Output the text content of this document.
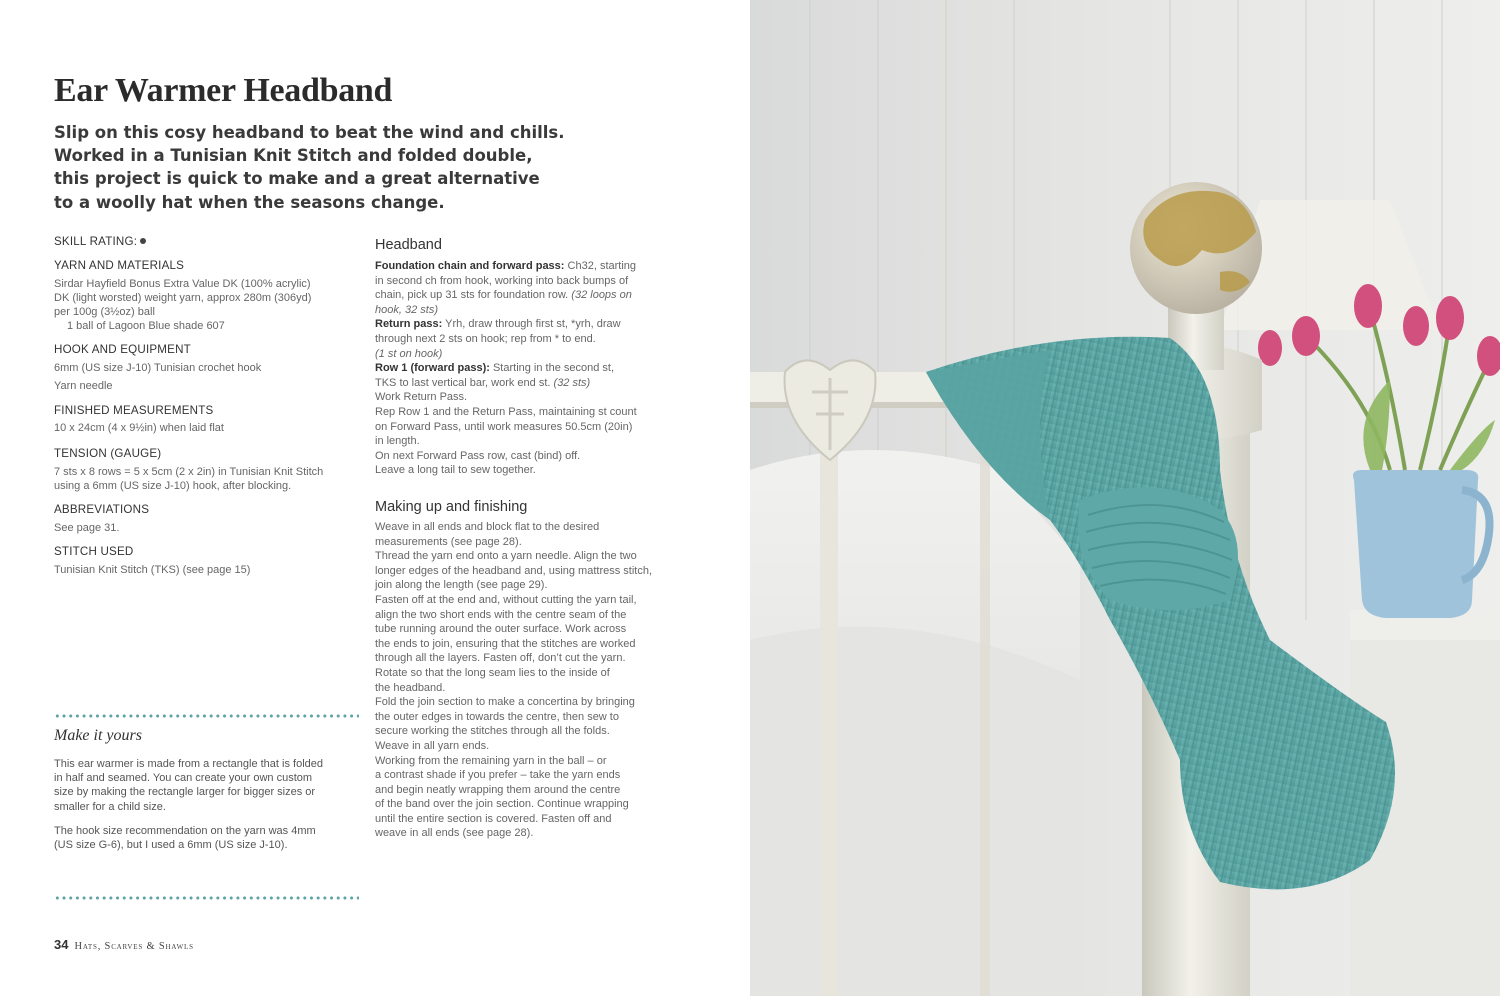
Ear Warmer Headband
Slip on this cosy headband to beat the wind and chills.
Worked in a Tunisian Knit Stitch and folded double,
this project is quick to make and a great alternative
to a woolly hat when the seasons change.
SKILL RATING:
YARN AND MATERIALS
Sirdar Hayfield Bonus Extra Value DK (100% acrylic)
DK (light worsted) weight yarn, approx 280m (306yd)
per 100g (3½oz) ball
1 ball of Lagoon Blue shade 607
HOOK AND EQUIPMENT
6mm (US size J-10) Tunisian crochet hook
Yarn needle
FINISHED MEASUREMENTS
10 x 24cm (4 x 9½in) when laid flat
TENSION (GAUGE)
7 sts x 8 rows = 5 x 5cm (2 x 2in) in Tunisian Knit Stitch
using a 6mm (US size J-10) hook, after blocking.
ABBREVIATIONS
See page 31.
STITCH USED
Tunisian Knit Stitch (TKS) (see page 15)
Make it yours
This ear warmer is made from a rectangle that is folded
in half and seamed. You can create your own custom
size by making the rectangle larger for bigger sizes or
smaller for a child size.
The hook size recommendation on the yarn was 4mm
(US size G-6), but I used a 6mm (US size J-10).
34 Hats, Scarves & Shawls
Headband
Foundation chain and forward pass: Ch32, starting
in second ch from hook, working into back bumps of
chain, pick up 31 sts for foundation row. (32 loops on
hook, 32 sts)
Return pass: Yrh, draw through first st, *yrh, draw
through next 2 sts on hook; rep from * to end.
(1 st on hook)
Row 1 (forward pass): Starting in the second st,
TKS to last vertical bar, work end st. (32 sts)
Work Return Pass.
Rep Row 1 and the Return Pass, maintaining st count
on Forward Pass, until work measures 50.5cm (20in)
in length.
On next Forward Pass row, cast (bind) off.
Leave a long tail to sew together.
Making up and finishing
Weave in all ends and block flat to the desired
measurements (see page 28).
Thread the yarn end onto a yarn needle. Align the two
longer edges of the headband and, using mattress stitch,
join along the length (see page 29).
Fasten off at the end and, without cutting the yarn tail,
align the two short ends with the centre seam of the
tube running around the outer surface. Work across
the ends to join, ensuring that the stitches are worked
through all the layers. Fasten off, don’t cut the yarn.
Rotate so that the long seam lies to the inside of
the headband.
Fold the join section to make a concertina by bringing
the outer edges in towards the centre, then sew to
secure working the stitches through all the folds.
Weave in all yarn ends.
Working from the remaining yarn in the ball – or
a contrast shade if you prefer – take the yarn ends
and begin neatly wrapping them around the centre
of the band over the join section. Continue wrapping
until the entire section is covered. Fasten off and
weave in all ends (see page 28).
